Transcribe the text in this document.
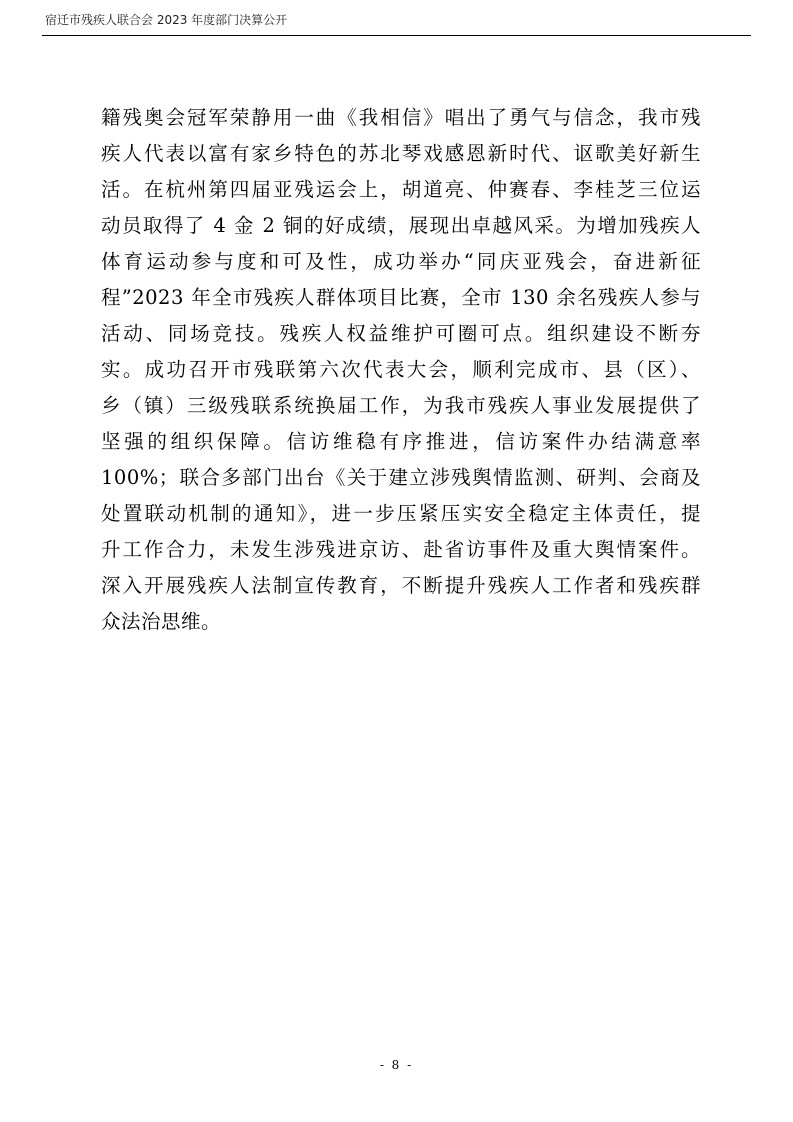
宿迁市残疾人联合会 2023 年度部门决算公开
籍残奥会冠军荣静用一曲《我相信》唱出了勇气与信念，我市残
疾人代表以富有家乡特色的苏北琴戏感恩新时代、讴歌美好新生
活。在杭州第四届亚残运会上，胡道亮、仲赛春、李桂芝三位运
动员取得了 4 金 2 铜的好成绩，展现出卓越风采。为增加残疾人
体育运动参与度和可及性，成功举办“同庆亚残会，奋进新征
程”2023 年全市残疾人群体项目比赛，全市 130 余名残疾人参与
活动、同场竞技。残疾人权益维护可圈可点。组织建设不断夯
实。成功召开市残联第六次代表大会，顺利完成市、县（区）、
乡（镇）三级残联系统换届工作，为我市残疾人事业发展提供了
坚强的组织保障。信访维稳有序推进，信访案件办结满意率
100%；联合多部门出台《关于建立涉残舆情监测、研判、会商及
处置联动机制的通知》，进一步压紧压实安全稳定主体责任，提
升工作合力，未发生涉残进京访、赴省访事件及重大舆情案件。
深入开展残疾人法制宣传教育，不断提升残疾人工作者和残疾群
众法治思维。
- 8 -
